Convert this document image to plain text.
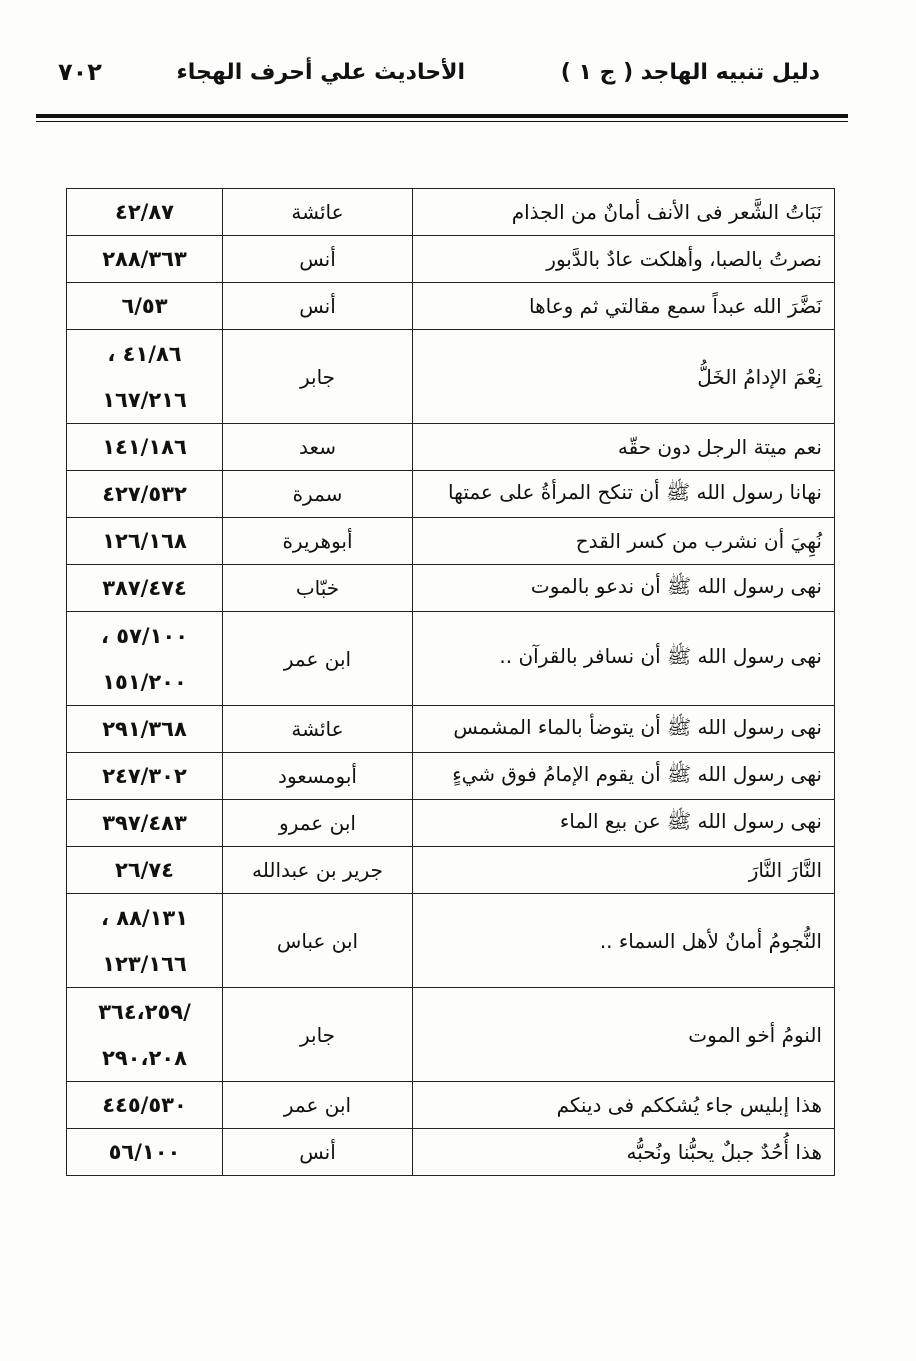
دليل تنبيه الهاجد ( ج ١ )
الأحاديث علي أحرف الهجاء
٧٠٢
نَبَاتُ الشَّعر فى الأنف أمانٌ من الجذام	عائشة	٤٢/٨٧

نصرتُ بالصبا، وأهلكت عادٌ بالدَّبور	أنس	٢٨٨/٣٦٣

نَضَّرَ الله عبداً سمع مقالتي ثم وعاها	أنس	٦/٥٣

نِعْمَ الإدامُ الخَلُّ	جابر	٤١/٨٦ ،
١٦٧/٢١٦

نعم ميتة الرجل دون حقّه	سعد	١٤١/١٨٦

نهانا رسول الله ﷺ أن تنكح المرأةُ على عمتها	سمرة	٤٢٧/٥٣٢

نُهِيَ أن نشرب من كسر القدح	أبوهريرة	١٢٦/١٦٨

نهى رسول الله ﷺ أن ندعو بالموت	خبّاب	٣٨٧/٤٧٤

نهى رسول الله ﷺ أن نسافر بالقرآن ..	ابن عمر	٥٧/١٠٠ ،
١٥١/٢٠٠

نهى رسول الله ﷺ أن يتوضأ بالماء المشمس	عائشة	٢٩١/٣٦٨

نهى رسول الله ﷺ أن يقوم الإمامُ فوق شيءٍ	أبومسعود	٢٤٧/٣٠٢

نهى رسول الله ﷺ عن بيع الماء	ابن عمرو	٣٩٧/٤٨٣

النَّارَ النَّارَ	جرير بن عبدالله	٢٦/٧٤

النُّجومُ أمانٌ لأهل السماء ..	ابن عباس	٨٨/١٣١ ،
١٢٣/١٦٦

النومُ أخو الموت	جابر	/٣٦٤،٢٥٩
٢٩٠،٢٠٨

هذا إبليس جاء يُشككم فى دينكم	ابن عمر	٤٤٥/٥٣٠

هذا أُحُدٌ جبلٌ يحبُّنا ونُحبُّه	أنس	٥٦/١٠٠
